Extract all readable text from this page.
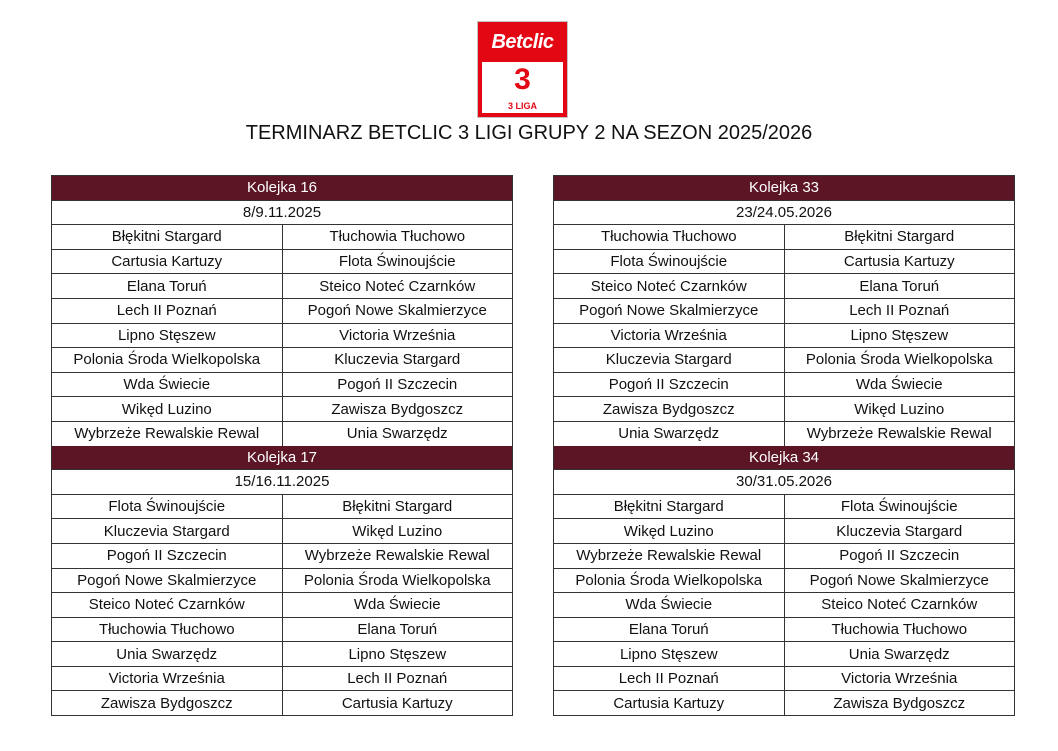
Betclic
3
3 LIGA
TERMINARZ BETCLIC 3 LIGI GRUPY 2 NA SEZON 2025/2026
Kolejka 16	
8/9.11.2025	
Błękitni Stargard	Tłuchowia Tłuchowo
Cartusia Kartuzy	Flota Świnoujście
Elana Toruń	Steico Noteć Czarnków
Lech II Poznań	Pogoń Nowe Skalmierzyce
Lipno Stęszew	Victoria Września
Polonia Środa Wielkopolska	Kluczevia Stargard
Wda Świecie	Pogoń II Szczecin
Wikęd Luzino	Zawisza Bydgoszcz
Wybrzeże Rewalskie Rewal	Unia Swarzędz
Kolejka 17	
15/16.11.2025	
Flota Świnoujście	Błękitni Stargard
Kluczevia Stargard	Wikęd Luzino
Pogoń II Szczecin	Wybrzeże Rewalskie Rewal
Pogoń Nowe Skalmierzyce	Polonia Środa Wielkopolska
Steico Noteć Czarnków	Wda Świecie
Tłuchowia Tłuchowo	Elana Toruń
Unia Swarzędz	Lipno Stęszew
Victoria Września	Lech II Poznań
Zawisza Bydgoszcz	Cartusia Kartuzy
Kolejka 33	
23/24.05.2026	
Tłuchowia Tłuchowo	Błękitni Stargard
Flota Świnoujście	Cartusia Kartuzy
Steico Noteć Czarnków	Elana Toruń
Pogoń Nowe Skalmierzyce	Lech II Poznań
Victoria Września	Lipno Stęszew
Kluczevia Stargard	Polonia Środa Wielkopolska
Pogoń II Szczecin	Wda Świecie
Zawisza Bydgoszcz	Wikęd Luzino
Unia Swarzędz	Wybrzeże Rewalskie Rewal
Kolejka 34	
30/31.05.2026	
Błękitni Stargard	Flota Świnoujście
Wikęd Luzino	Kluczevia Stargard
Wybrzeże Rewalskie Rewal	Pogoń II Szczecin
Polonia Środa Wielkopolska	Pogoń Nowe Skalmierzyce
Wda Świecie	Steico Noteć Czarnków
Elana Toruń	Tłuchowia Tłuchowo
Lipno Stęszew	Unia Swarzędz
Lech II Poznań	Victoria Września
Cartusia Kartuzy	Zawisza Bydgoszcz
